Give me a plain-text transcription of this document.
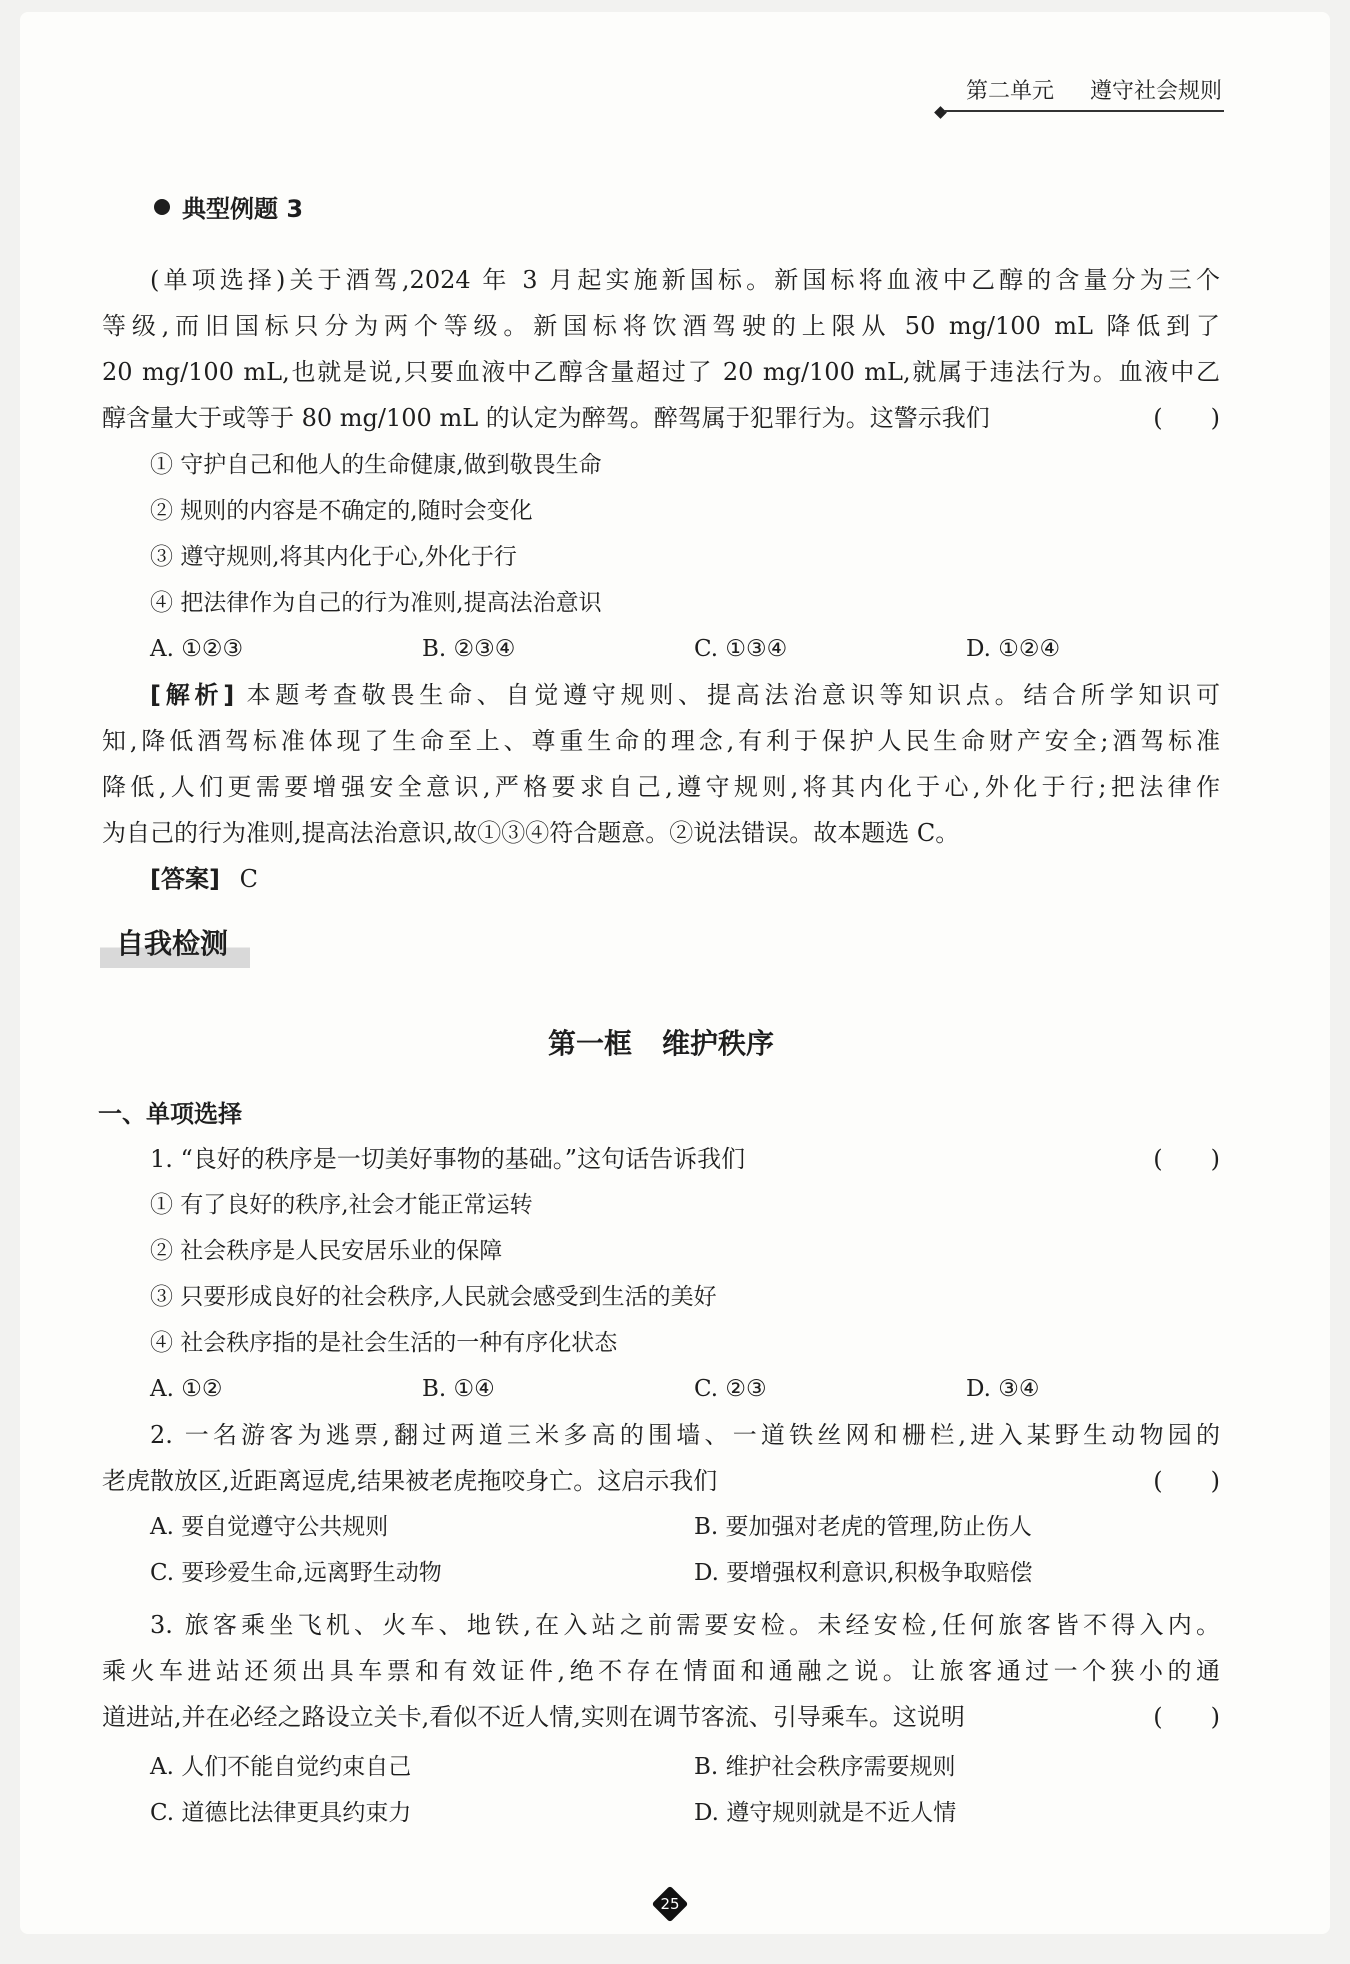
第二单元 遵守社会规则
典型例题 3
(单项选择)关于酒驾,2024 年 3 月起实施新国标。新国标将血液中乙醇的含量分为三个
等级,而旧国标只分为两个等级。新国标将饮酒驾驶的上限从 50 mg/100 mL 降低到了
20 mg/100 mL,也就是说,只要血液中乙醇含量超过了 20 mg/100 mL,就属于违法行为。血液中乙
醇含量大于或等于 80 mg/100 mL 的认定为醉驾。醉驾属于犯罪行为。这警示我们	(　　)
① 守护自己和他人的生命健康,做到敬畏生命
② 规则的内容是不确定的,随时会变化
③ 遵守规则,将其内化于心,外化于行
④ 把法律作为自己的行为准则,提高法治意识
A. ①②③	B. ②③④	C. ①③④	D. ①②④
[解析] 本题考查敬畏生命、自觉遵守规则、提高法治意识等知识点。结合所学知识可
知,降低酒驾标准体现了生命至上、尊重生命的理念,有利于保护人民生命财产安全;酒驾标准
降低,人们更需要增强安全意识,严格要求自己,遵守规则,将其内化于心,外化于行;把法律作
为自己的行为准则,提高法治意识,故①③④符合题意。②说法错误。故本题选 C。
[答案] C
自我检测
第一框 维护秩序
一、单项选择
1. “良好的秩序是一切美好事物的基础。”这句话告诉我们	(　　)
① 有了良好的秩序,社会才能正常运转
② 社会秩序是人民安居乐业的保障
③ 只要形成良好的社会秩序,人民就会感受到生活的美好
④ 社会秩序指的是社会生活的一种有序化状态
A. ①②	B. ①④	C. ②③	D. ③④
2. 一名游客为逃票,翻过两道三米多高的围墙、一道铁丝网和栅栏,进入某野生动物园的
老虎散放区,近距离逗虎,结果被老虎拖咬身亡。这启示我们	(　　)
A. 要自觉遵守公共规则	B. 要加强对老虎的管理,防止伤人
C. 要珍爱生命,远离野生动物	D. 要增强权利意识,积极争取赔偿
3. 旅客乘坐飞机、火车、地铁,在入站之前需要安检。未经安检,任何旅客皆不得入内。
乘火车进站还须出具车票和有效证件,绝不存在情面和通融之说。让旅客通过一个狭小的通
道进站,并在必经之路设立关卡,看似不近人情,实则在调节客流、引导乘车。这说明	(　　)
A. 人们不能自觉约束自己	B. 维护社会秩序需要规则
C. 道德比法律更具约束力	D. 遵守规则就是不近人情
25
